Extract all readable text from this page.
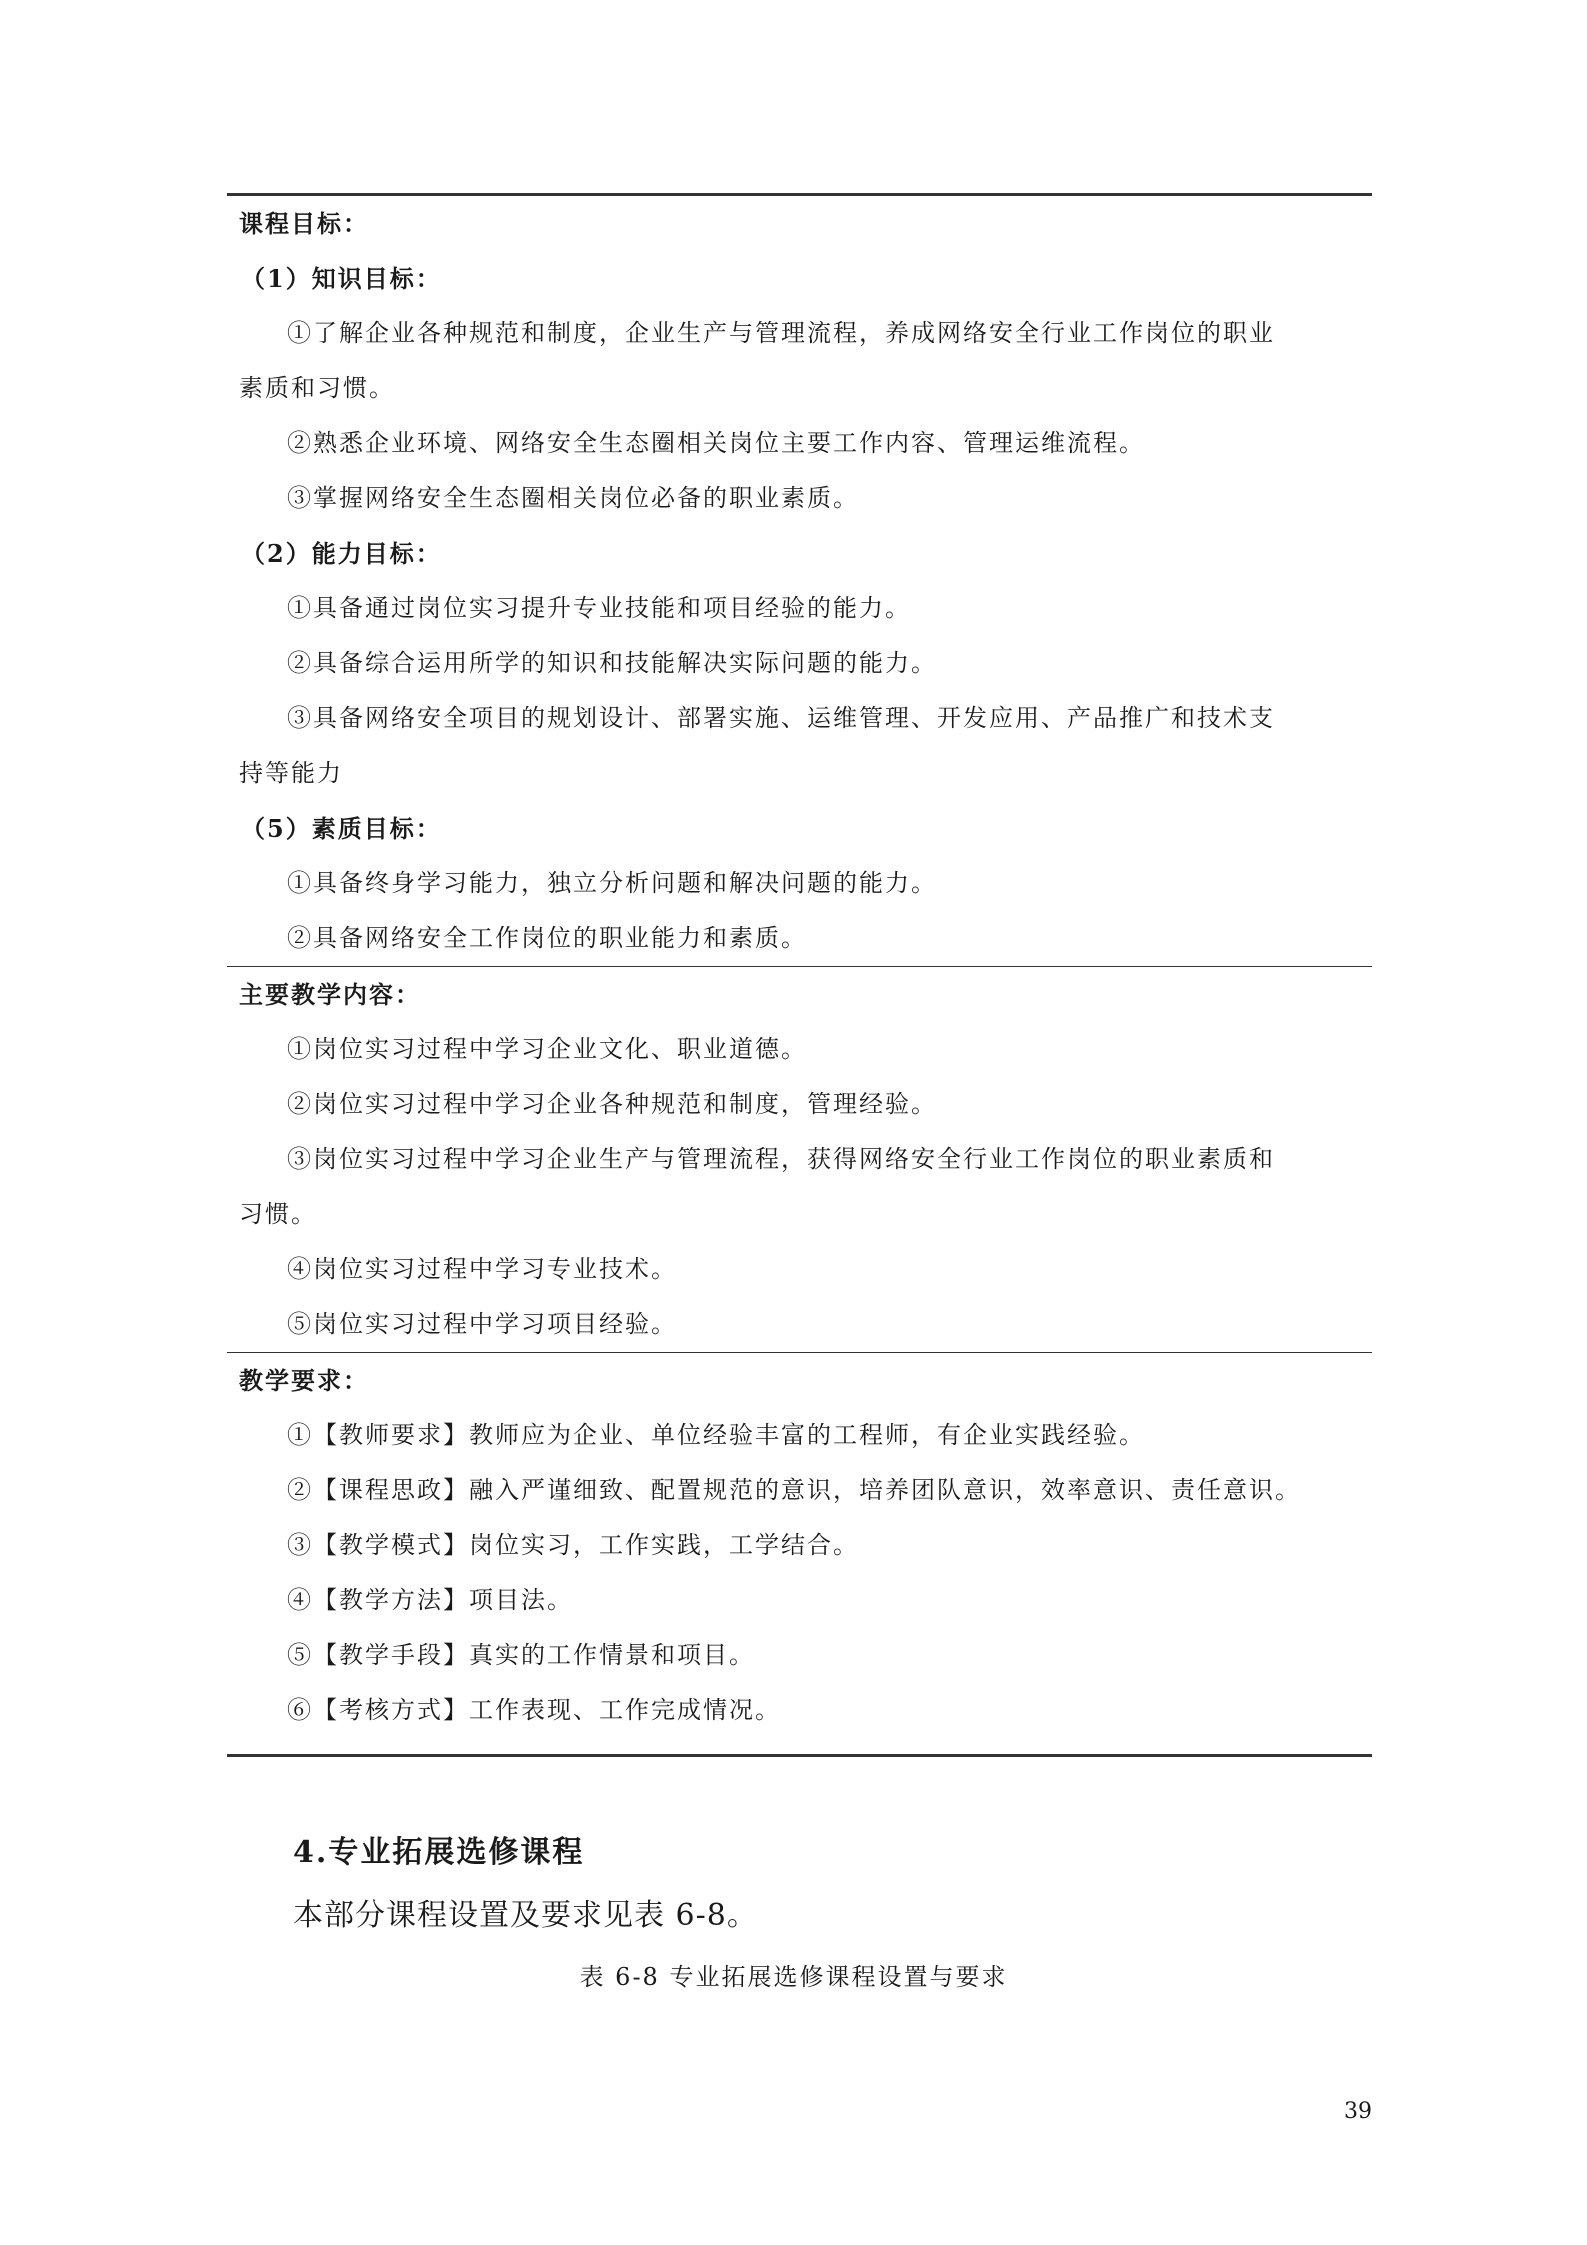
课程目标：
（1）知识目标：
①了解企业各种规范和制度，企业生产与管理流程，养成网络安全行业工作岗位的职业
素质和习惯。
②熟悉企业环境、网络安全生态圈相关岗位主要工作内容、管理运维流程。
③掌握网络安全生态圈相关岗位必备的职业素质。
（2）能力目标：
①具备通过岗位实习提升专业技能和项目经验的能力。
②具备综合运用所学的知识和技能解决实际问题的能力。
③具备网络安全项目的规划设计、部署实施、运维管理、开发应用、产品推广和技术支
持等能力
（5）素质目标：
①具备终身学习能力，独立分析问题和解决问题的能力。
②具备网络安全工作岗位的职业能力和素质。
主要教学内容：
①岗位实习过程中学习企业文化、职业道德。
②岗位实习过程中学习企业各种规范和制度，管理经验。
③岗位实习过程中学习企业生产与管理流程，获得网络安全行业工作岗位的职业素质和
习惯。
④岗位实习过程中学习专业技术。
⑤岗位实习过程中学习项目经验。
教学要求：
①【教师要求】教师应为企业、单位经验丰富的工程师，有企业实践经验。
②【课程思政】融入严谨细致、配置规范的意识，培养团队意识，效率意识、责任意识。
③【教学模式】岗位实习，工作实践，工学结合。
④【教学方法】项目法。
⑤【教学手段】真实的工作情景和项目。
⑥【考核方式】工作表现、工作完成情况。
4.专业拓展选修课程
本部分课程设置及要求见表 6-8。
表 6-8 专业拓展选修课程设置与要求
39
